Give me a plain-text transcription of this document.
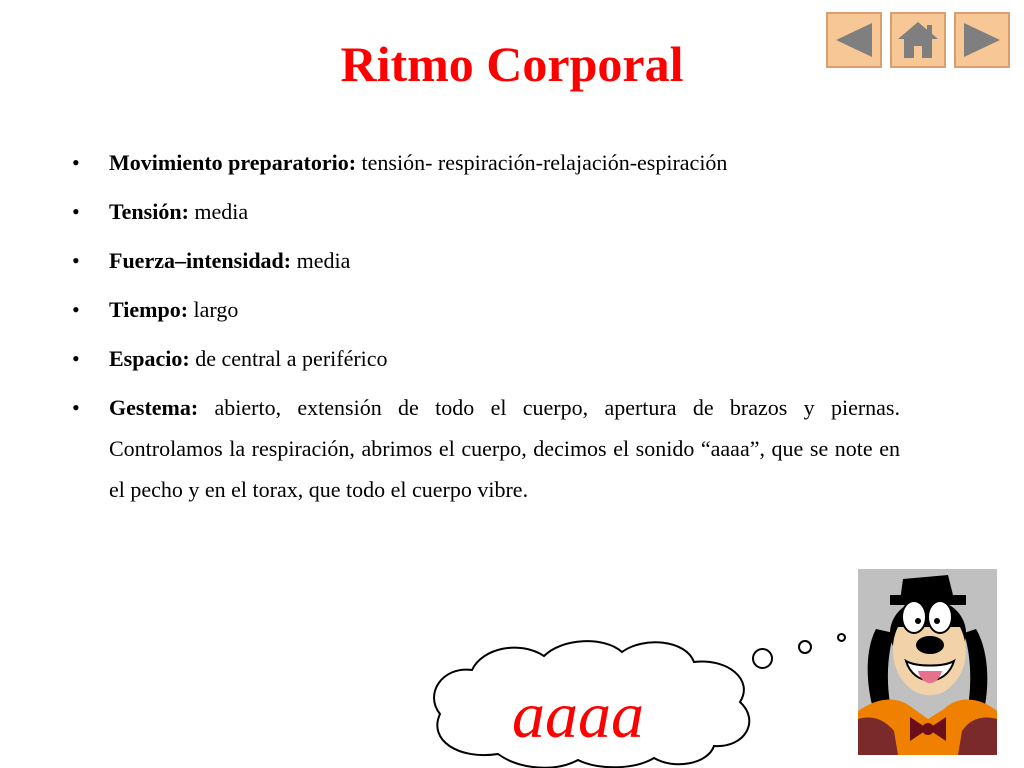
Ritmo Corporal
• Movimiento preparatorio: tensión- respiración-relajación-espiración
• Tensión: media
• Fuerza–intensidad: media
• Tiempo: largo
• Espacio: de central a periférico
• Gestema: abierto, extensión de todo el cuerpo, apertura de brazos y piernas. Controlamos la respiración, abrimos el cuerpo, decimos el sonido “aaaa”, que se note en el pecho y en el torax, que todo el cuerpo vibre.
aaaa
